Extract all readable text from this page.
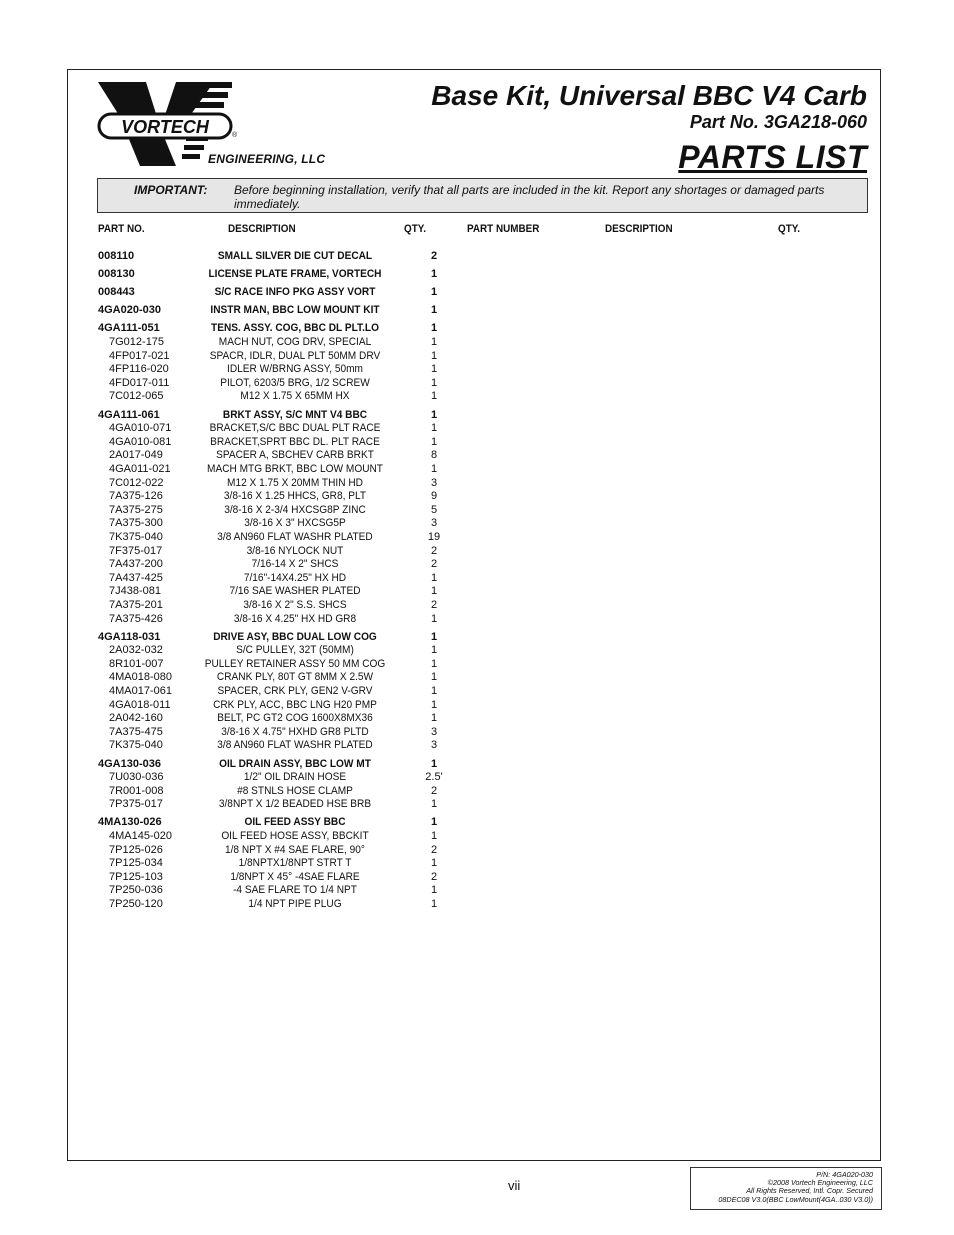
VORTECH	®
ENGINEERING, LLC
Base Kit, Universal BBC V4 Carb
Part No. 3GA218-060
PARTS LIST
IMPORTANT: Before beginning installation, verify that all parts are included in the kit. Report any shortages or damaged parts immediately.
PART NO.	DESCRIPTION	QTY.	PART NUMBER	DESCRIPTION	QTY.
008110	SMALL SILVER DIE CUT DECAL	2
008130	LICENSE PLATE FRAME, VORTECH	1
008443	S/C RACE INFO PKG ASSY VORT	1
4GA020-030	INSTR MAN, BBC LOW MOUNT KIT	1
4GA111-051	TENS. ASSY. COG, BBC DL PLT.LO	1
7G012-175	MACH NUT, COG DRV, SPECIAL	1
4FP017-021	SPACR, IDLR, DUAL PLT 50MM DRV	1
4FP116-020	IDLER W/BRNG ASSY, 50mm	1
4FD017-011	PILOT, 6203/5 BRG, 1/2 SCREW	1
7C012-065	M12 X 1.75 X 65MM HX	1
4GA111-061	BRKT ASSY, S/C MNT V4 BBC	1
4GA010-071	BRACKET,S/C BBC DUAL PLT RACE	1
4GA010-081	BRACKET,SPRT BBC DL. PLT RACE	1
2A017-049	SPACER A, SBCHEV CARB BRKT	8
4GA011-021	MACH MTG BRKT, BBC LOW MOUNT	1
7C012-022	M12 X 1.75 X 20MM THIN HD	3
7A375-126	3/8-16 X 1.25 HHCS, GR8, PLT	9
7A375-275	3/8-16 X 2-3/4 HXCSG8P ZINC	5
7A375-300	3/8-16 X 3" HXCSG5P	3
7K375-040	3/8 AN960 FLAT WASHR PLATED	19
7F375-017	3/8-16 NYLOCK NUT	2
7A437-200	7/16-14 X 2" SHCS	2
7A437-425	7/16"-14X4.25" HX HD	1
7J438-081	7/16 SAE WASHER PLATED	1
7A375-201	3/8-16 X 2" S.S. SHCS	2
7A375-426	3/8-16 X 4.25" HX HD GR8	1
4GA118-031	DRIVE ASY, BBC DUAL LOW COG	1
2A032-032	S/C PULLEY, 32T (50MM)	1
8R101-007	PULLEY RETAINER ASSY 50 MM COG	1
4MA018-080	CRANK PLY, 80T GT 8MM X 2.5W	1
4MA017-061	SPACER, CRK PLY, GEN2 V-GRV	1
4GA018-011	CRK PLY, ACC, BBC LNG H20 PMP	1
2A042-160	BELT, PC GT2 COG 1600X8MX36	1
7A375-475	3/8-16 X 4.75" HXHD GR8 PLTD	3
7K375-040	3/8 AN960 FLAT WASHR PLATED	3
4GA130-036	OIL DRAIN ASSY, BBC LOW MT	1
7U030-036	1/2" OIL DRAIN HOSE	2.5'
7R001-008	#8 STNLS HOSE CLAMP	2
7P375-017	3/8NPT X 1/2 BEADED HSE BRB	1
4MA130-026	OIL FEED ASSY BBC	1
4MA145-020	OIL FEED HOSE ASSY, BBCKIT	1
7P125-026	1/8 NPT X #4 SAE FLARE, 90°	2
7P125-034	1/8NPTX1/8NPT STRT T	1
7P125-103	1/8NPT X 45° -4SAE FLARE	2
7P250-036	-4 SAE FLARE TO 1/4 NPT	1
7P250-120	1/4 NPT PIPE PLUG	1
vii
P/N: 4GA020-030
©2008 Vortech Engineering, LLC
All Rights Reserved, Intl. Copr. Secured
08DEC08 V3.0(BBC LowMount(4GA..030 V3.0))
